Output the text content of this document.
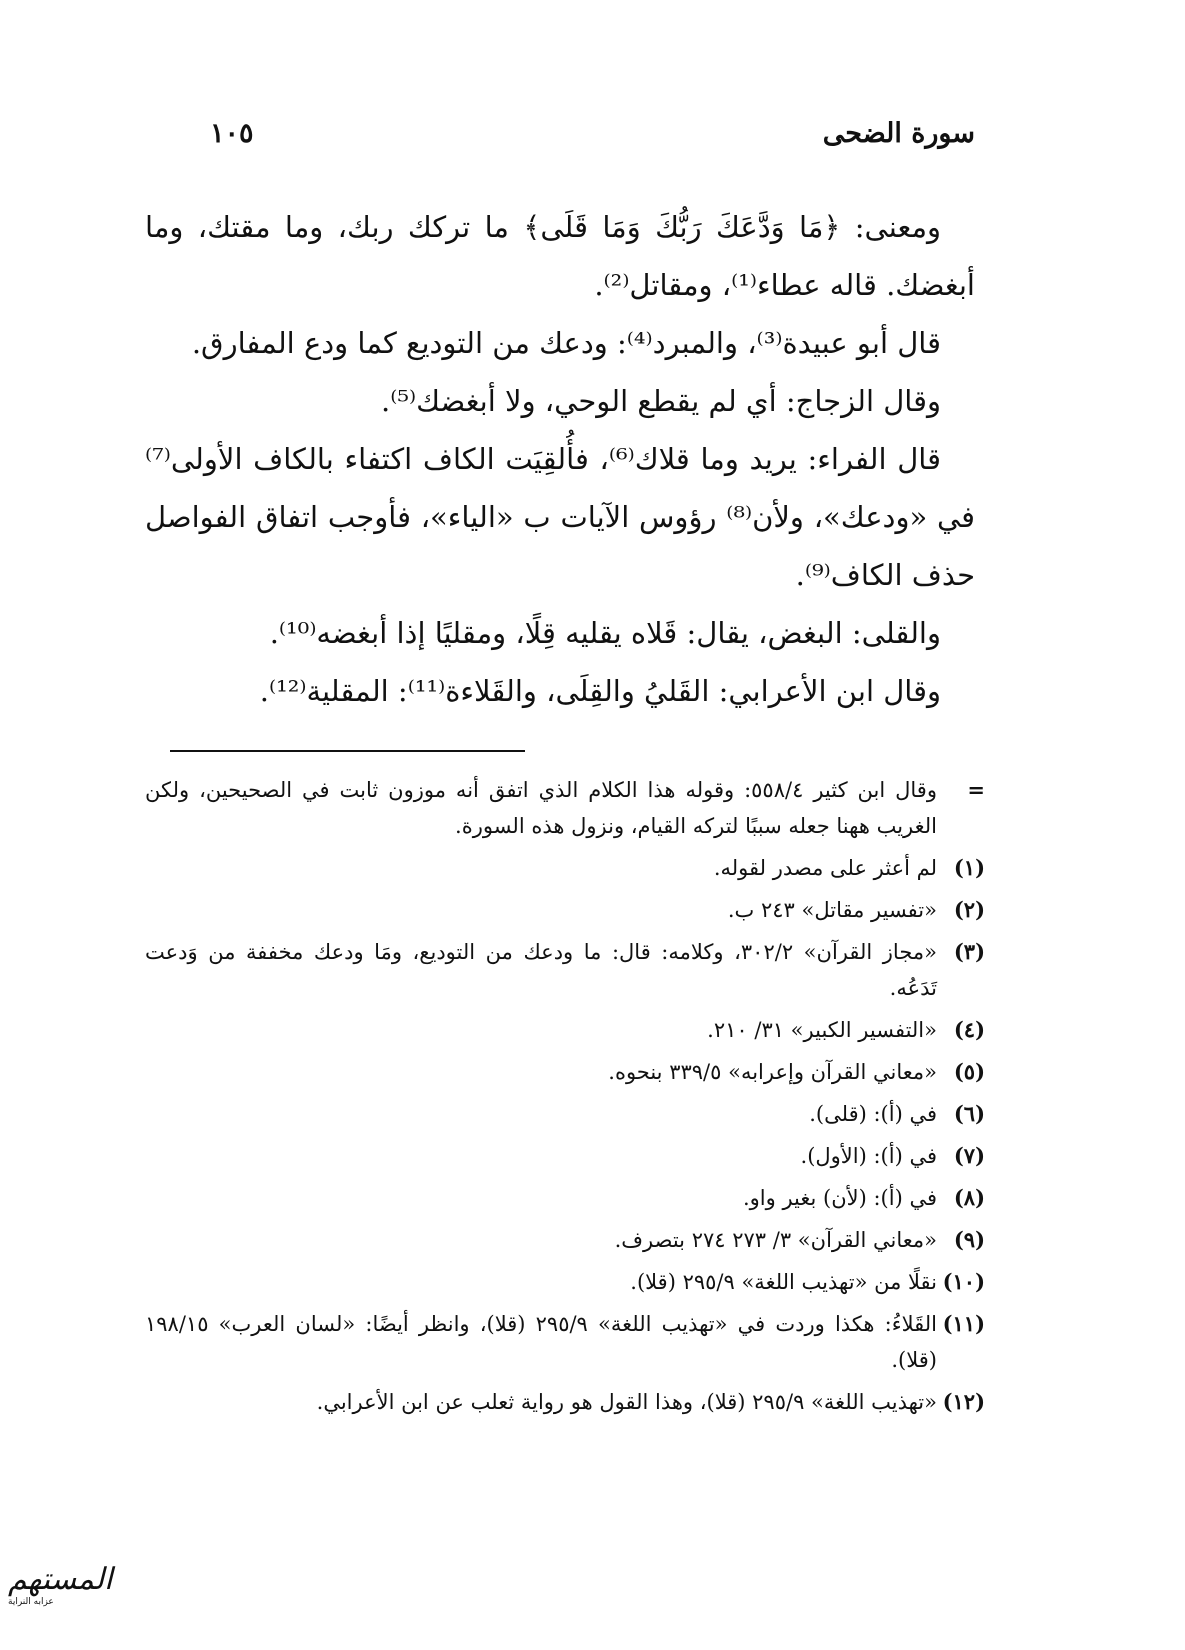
سورة الضحى
١٠٥

ومعنى: ﴿مَا وَدَّعَكَ رَبُّكَ وَمَا قَلَى﴾ ما تركك ربك، وما مقتك، وما أبغضك. قاله عطاء⁽¹⁾، ومقاتل⁽²⁾.

قال أبو عبيدة⁽³⁾، والمبرد⁽⁴⁾: ودعك من التوديع كما ودع المفارق.

وقال الزجاج: أي لم يقطع الوحي، ولا أبغضك⁽⁵⁾.

قال الفراء: يريد وما قلاك⁽⁶⁾، فأُلقِيَت الكاف اكتفاء بالكاف الأولى⁽⁷⁾ في «ودعك»، ولأن⁽⁸⁾ رؤوس الآيات ب «الياء»، فأوجب اتفاق الفواصل حذف الكاف⁽⁹⁾.

والقلى: البغض، يقال: قَلاه يقليه قِلًا، ومقليًا إذا أبغضه⁽¹⁰⁾.

وقال ابن الأعرابي: القَليُ والقِلَى، والقَلاءة⁽¹¹⁾: المقلية⁽¹²⁾.

=
وقال ابن كثير ٥٥٨/٤: وقوله هذا الكلام الذي اتفق أنه موزون ثابت في الصحيحين، ولكن الغريب ههنا جعله سببًا لتركه القيام، ونزول هذه السورة.
(١)
لم أعثر على مصدر لقوله.
(٢)
«تفسير مقاتل» ٢٤٣ ب.
(٣)
«مجاز القرآن» ٣٠٢/٢، وكلامه: قال: ما ودعك من التوديع، ومَا ودعك مخففة من وَدعت تَدَعُه.
(٤)
«التفسير الكبير» ٣١/ ٢١٠.
(٥)
«معاني القرآن وإعرابه» ٣٣٩/٥ بنحوه.
(٦)
في (أ): (قلى).
(٧)
في (أ): (الأول).
(٨)
في (أ): (لأن) بغير واو.
(٩)
«معاني القرآن» ٣/ ٢٧٣ ٢٧٤ بتصرف.
(١٠)
نقلًا من «تهذيب اللغة» ٢٩٥/٩ (قلا).
(١١)
القَلاءُ: هكذا وردت في «تهذيب اللغة» ٢٩٥/٩ (قلا)، وانظر أيضًا: «لسان العرب» ١٩٨/١٥ (قلا).
(١٢)
«تهذيب اللغة» ٢٩٥/٩ (قلا)، وهذا القول هو رواية ثعلب عن ابن الأعرابي.
المستهم
عزابه النراية
